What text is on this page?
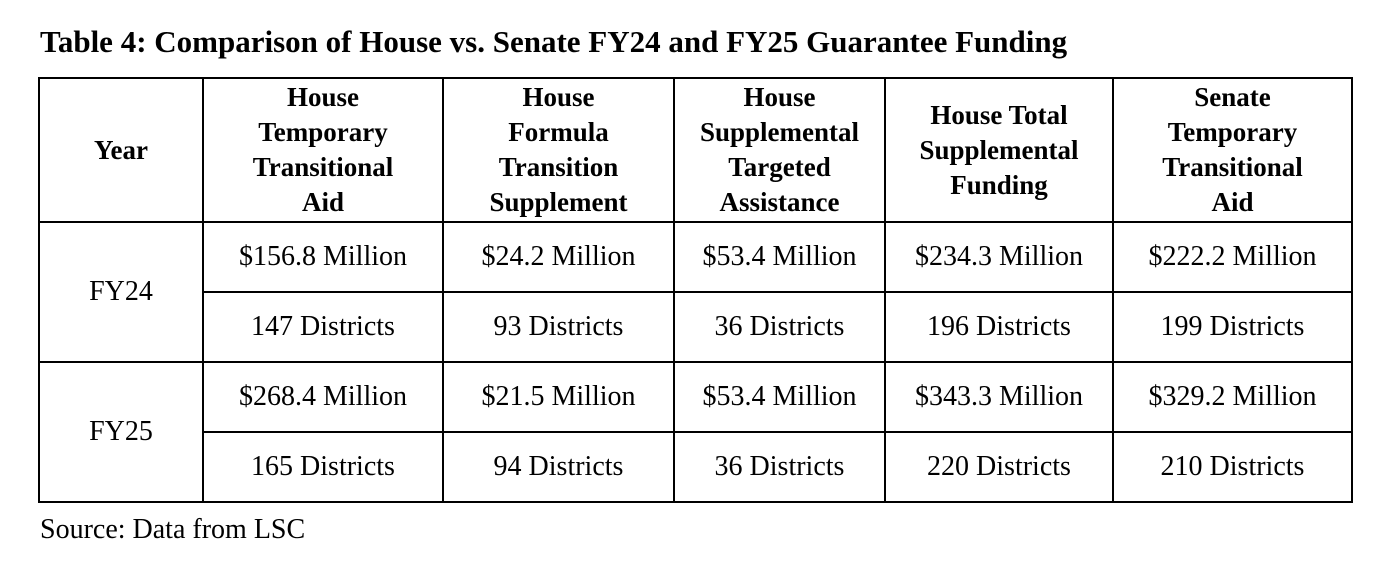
Table 4: Comparison of House vs. Senate FY24 and FY25 Guarantee Funding
Year	House Temporary Transitional Aid	House Formula Transition Supplement	House Supplemental Targeted Assistance	House Total Supplemental Funding	Senate Temporary Transitional Aid

FY24	$156.8 Million	$24.2 Million	$53.4 Million	$234.3 Million	$222.2 Million
	147 Districts	93 Districts	36 Districts	196 Districts	199 Districts
FY25	$268.4 Million	$21.5 Million	$53.4 Million	$343.3 Million	$329.2 Million
	165 Districts	94 Districts	36 Districts	220 Districts	210 Districts
Source: Data from LSC
